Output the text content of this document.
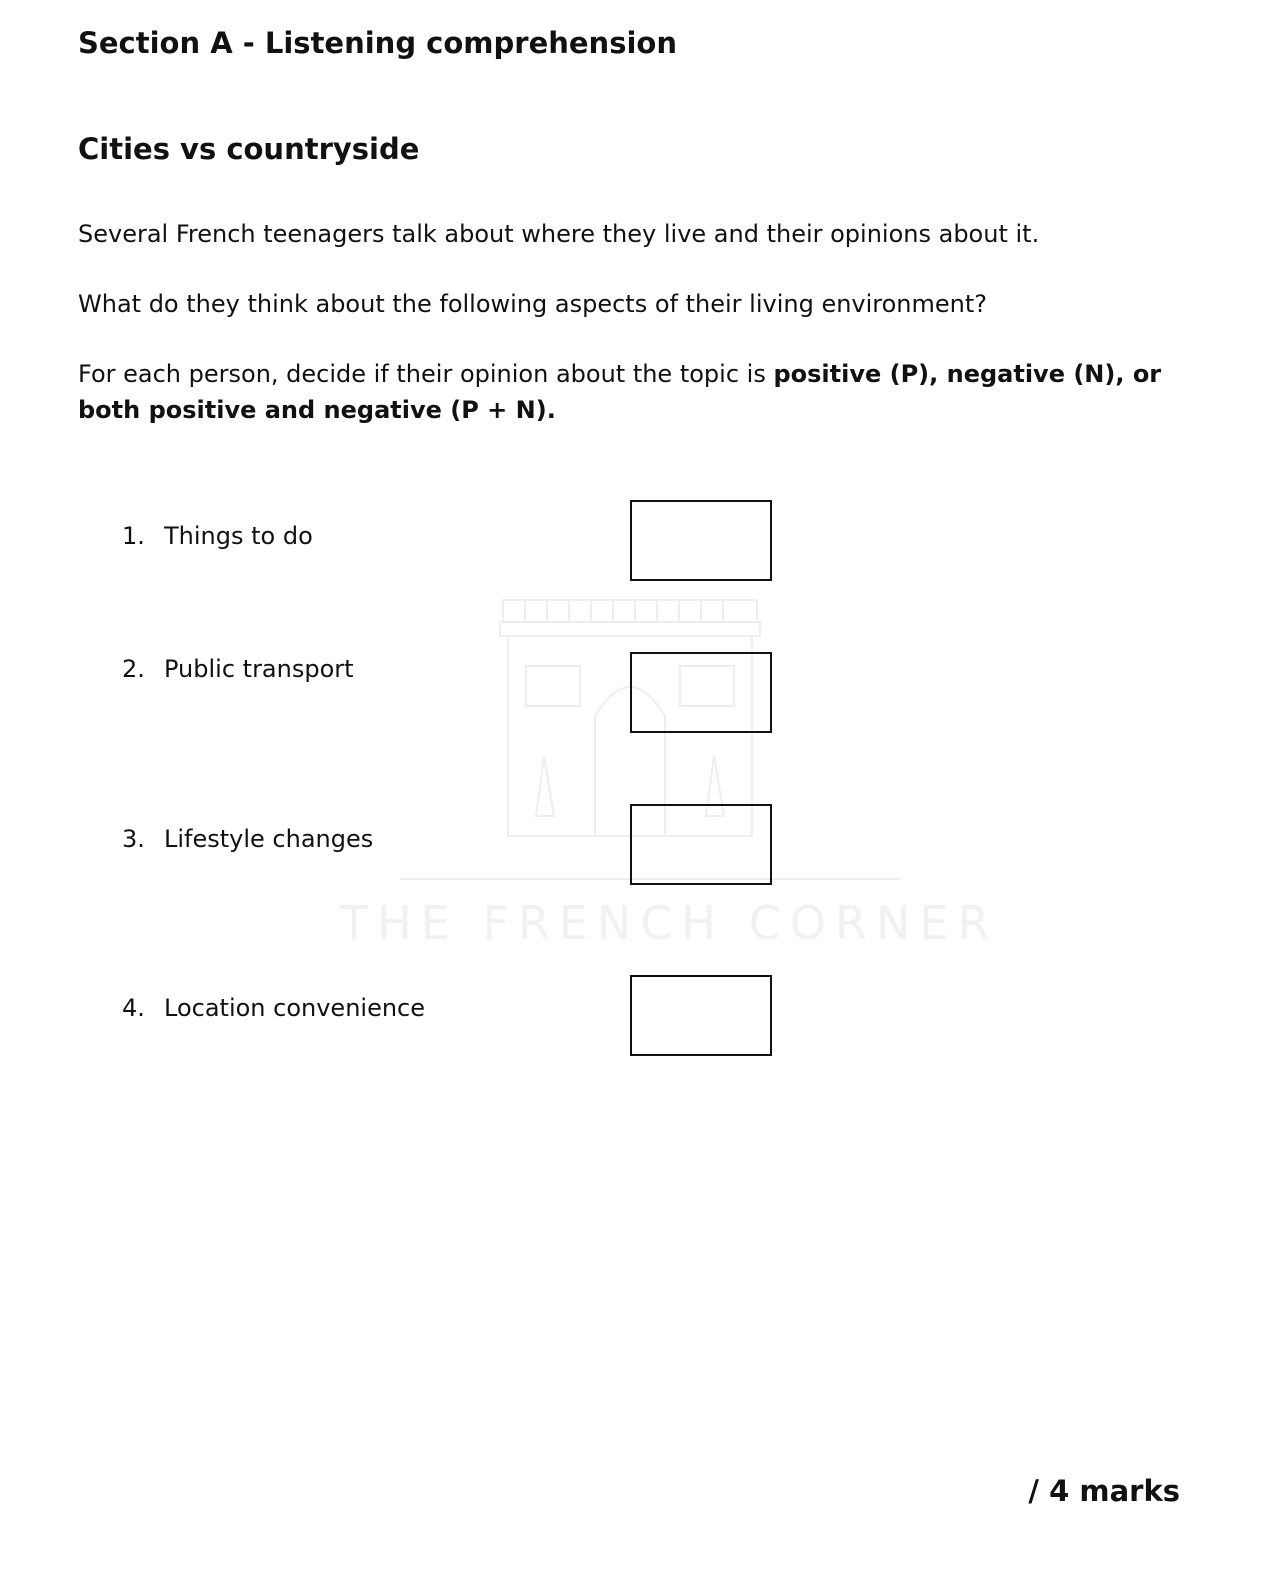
Section A - Listening comprehension
Cities vs countryside
Several French teenagers talk about where they live and their opinions about it.
What do they think about the following aspects of their living environment?
For each person, decide if their opinion about the topic is positive (P), negative (N), or both positive and negative (P + N).
THE FRENCH CORNER
1. Things to do
2. Public transport
3. Lifestyle changes
4. Location convenience
/ 4 marks
